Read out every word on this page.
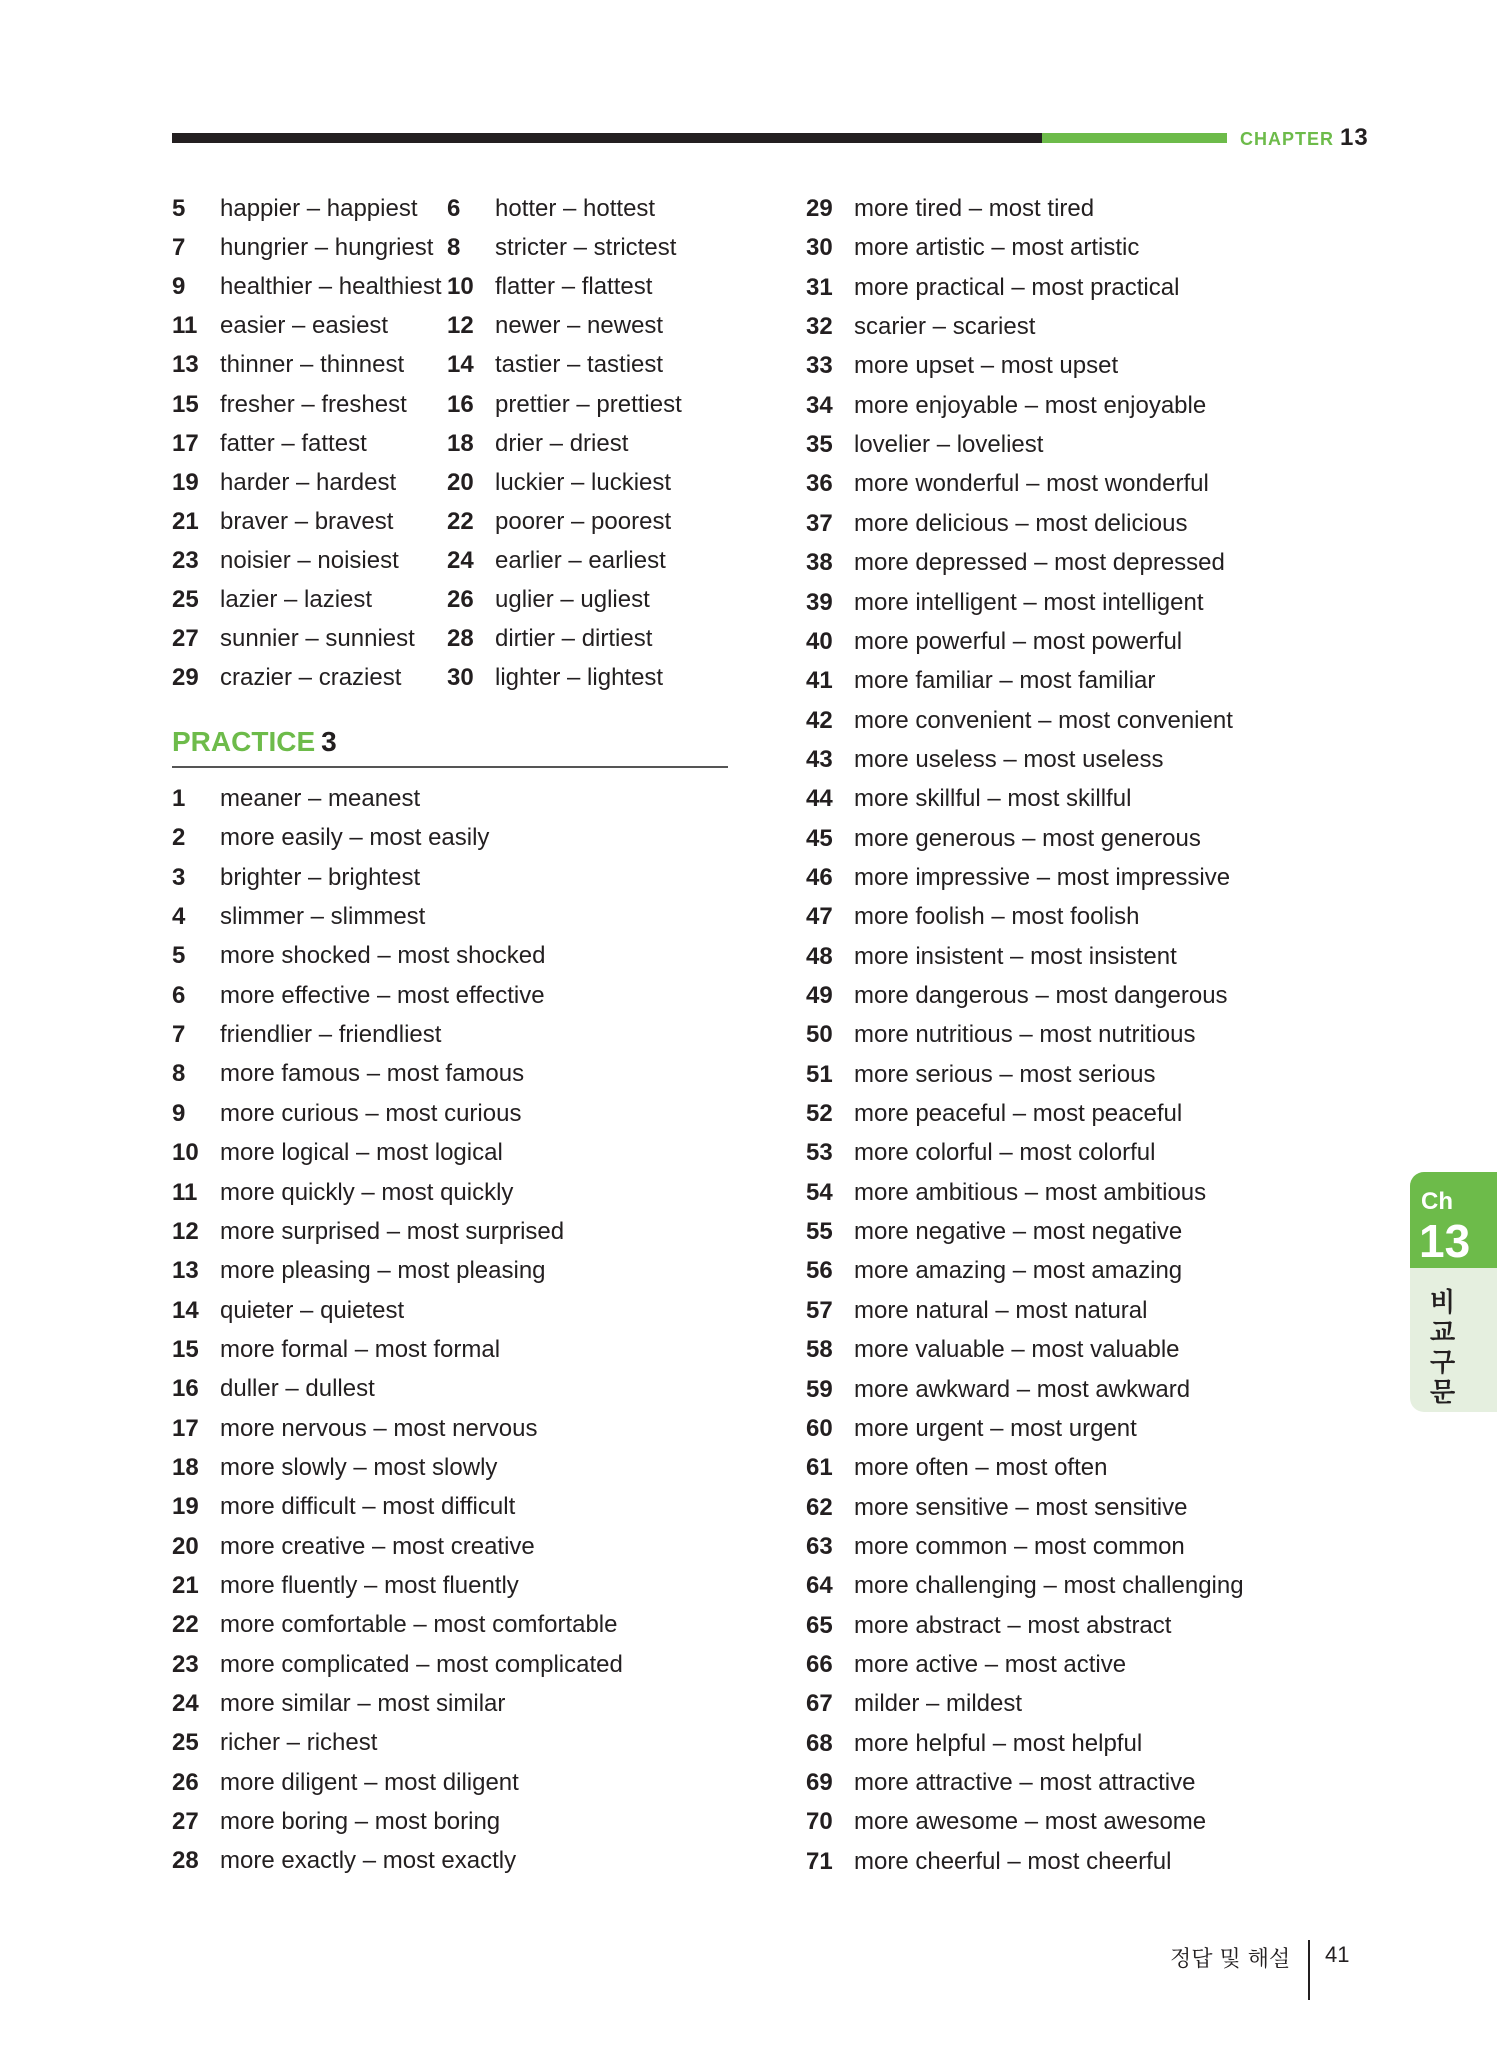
CHAPTER 13
5 happier – happiest
7 hungrier – hungriest
9 healthier – healthiest
11 easier – easiest
13 thinner – thinnest
15 fresher – freshest
17 fatter – fattest
19 harder – hardest
21 braver – bravest
23 noisier – noisiest
25 lazier – laziest
27 sunnier – sunniest
29 crazier – craziest
6 hotter – hottest
8 stricter – strictest
10 flatter – flattest
12 newer – newest
14 tastier – tastiest
16 prettier – prettiest
18 drier – driest
20 luckier – luckiest
22 poorer – poorest
24 earlier – earliest
26 uglier – ugliest
28 dirtier – dirtiest
30 lighter – lightest
PRACTICE 3
1 meaner – meanest
2 more easily – most easily
3 brighter – brightest
4 slimmer – slimmest
5 more shocked – most shocked
6 more effective – most effective
7 friendlier – friendliest
8 more famous – most famous
9 more curious – most curious
10 more logical – most logical
11 more quickly – most quickly
12 more surprised – most surprised
13 more pleasing – most pleasing
14 quieter – quietest
15 more formal – most formal
16 duller – dullest
17 more nervous – most nervous
18 more slowly – most slowly
19 more difficult – most difficult
20 more creative – most creative
21 more fluently – most fluently
22 more comfortable – most comfortable
23 more complicated – most complicated
24 more similar – most similar
25 richer – richest
26 more diligent – most diligent
27 more boring – most boring
28 more exactly – most exactly
29 more tired – most tired
30 more artistic – most artistic
31 more practical – most practical
32 scarier – scariest
33 more upset – most upset
34 more enjoyable – most enjoyable
35 lovelier – loveliest
36 more wonderful – most wonderful
37 more delicious – most delicious
38 more depressed – most depressed
39 more intelligent – most intelligent
40 more powerful – most powerful
41 more familiar – most familiar
42 more convenient – most convenient
43 more useless – most useless
44 more skillful – most skillful
45 more generous – most generous
46 more impressive – most impressive
47 more foolish – most foolish
48 more insistent – most insistent
49 more dangerous – most dangerous
50 more nutritious – most nutritious
51 more serious – most serious
52 more peaceful – most peaceful
53 more colorful – most colorful
54 more ambitious – most ambitious
55 more negative – most negative
56 more amazing – most amazing
57 more natural – most natural
58 more valuable – most valuable
59 more awkward – most awkward
60 more urgent – most urgent
61 more often – most often
62 more sensitive – most sensitive
63 more common – most common
64 more challenging – most challenging
65 more abstract – most abstract
66 more active – most active
67 milder – mildest
68 more helpful – most helpful
69 more attractive – most attractive
70 more awesome – most awesome
71 more cheerful – most cheerful
Ch
13
비교구문
정답 및 해설 41
